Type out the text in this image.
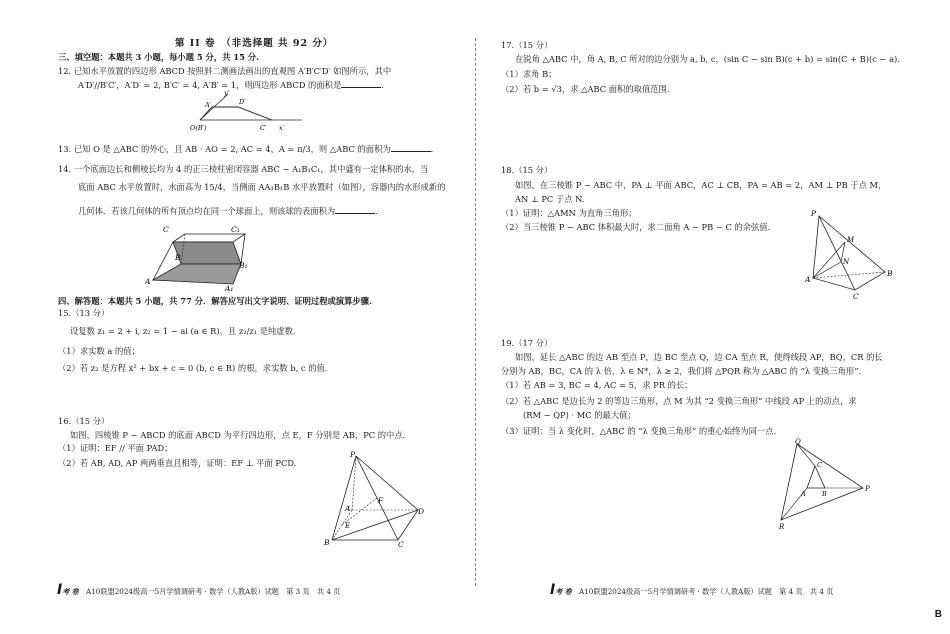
第 II 卷　（非选择题 共 92 分）
三、填空题：本题共 3 小题，每小题 5 分，共 15 分.
12. 已知水平放置的四边形 ABCD 按照斜二测画法画出的直观图 A′B′C′D′ 如图所示，其中
A′D′//B′C′，A′D′ = 2, B′C′ = 4, A′B′ = 1，则四边形 ABCD 的面积是	.
y′
A′	D′
O(B′)	C′ x′
13. 已知 O 是 △ABC 的外心，且 AB · AO = 2, AC = 4，A = π/3，则 △ABC 的面积为	.
14. 一个底面边长和侧棱长均为 4 的正三棱柱密闭容器 ABC − A₁B₁C₁，其中盛有一定体积的水，当
底面 ABC 水平放置时，水面高为 15/4，当侧面 AA₁B₁B 水平放置时（如图），容器内的水形成新的
几何体．若该几何体的所有顶点均在同一个球面上，则该球的表面积为	.
C	C₁
B
B₁
A
A₁
四、解答题：本题共 5 小题，共 77 分．解答应写出文字说明、证明过程或演算步骤.
15.（13 分）
设复数 z₁ = 2 + i, z₂ = 1 − ai (a ∈ R)，且 z₂/z₁ 是纯虚数.
（1）求实数 a 的值；
（2）若 z₂ 是方程 x² + bx + c = 0 (b, c ∈ R) 的根，求实数 b, c 的值.
16.（15 分）
如图，四棱锥 P − ABCD 的底面 ABCD 为平行四边形，点 E，F 分别是 AB，PC 的中点．
（1）证明：EF // 平面 PAD；
（2）若 AB, AD, AP 两两垂直且相等，证明：EF ⊥ 平面 PCD.
P
F
A
E
D
B	C
I考 卷 A10联盟2024级高一5月学情调研考 · 数学（人教A版）试题　第 3 页　共 4 页
17.（15 分）
在锐角 △ABC 中，角 A, B, C 所对的边分别为 a, b, c，(sin C − sin B)(c + b) = sin(C + B)(c − a).
（1）求角 B；
（2）若 b = √3，求 △ABC 面积的取值范围.
18.（15 分）
如图，在三棱锥 P − ABC 中，PA ⊥ 平面 ABC，AC ⊥ CB，PA = AB = 2，AM ⊥ PB 于点 M，
AN ⊥ PC 于点 N.
（1）证明：△AMN 为直角三角形；
（2）当三棱锥 P − ABC 体积最大时，求二面角 A − PB − C 的余弦值.
P
M
N
A
B
C
19.（17 分）
如图，延长 △ABC 的边 AB 至点 P，边 BC 至点 Q，边 CA 至点 R，使得线段 AP，BQ，CR 的长
分别为 AB，BC，CA 的 λ 倍，λ ∈ N*，λ ≥ 2，我们将 △PQR 称为 △ABC 的 “λ 变换三角形”.
（1）若 AB = 3, BC = 4, AC = 5，求 PR 的长；
（2）若 △ABC 是边长为 2 的等边三角形，点 M 为其 “2 变换三角形” 中线段 AP 上的动点，求
(RM − QP) · MC 的最大值；
（3）证明：当 λ 变化时，△ABC 的 “λ 变换三角形” 的重心始终为同一点.
Q
C
A	B
P
R
I考 卷 A10联盟2024级高一5月学情调研考 · 数学（人教A版）试题　第 4 页　共 4 页
B
